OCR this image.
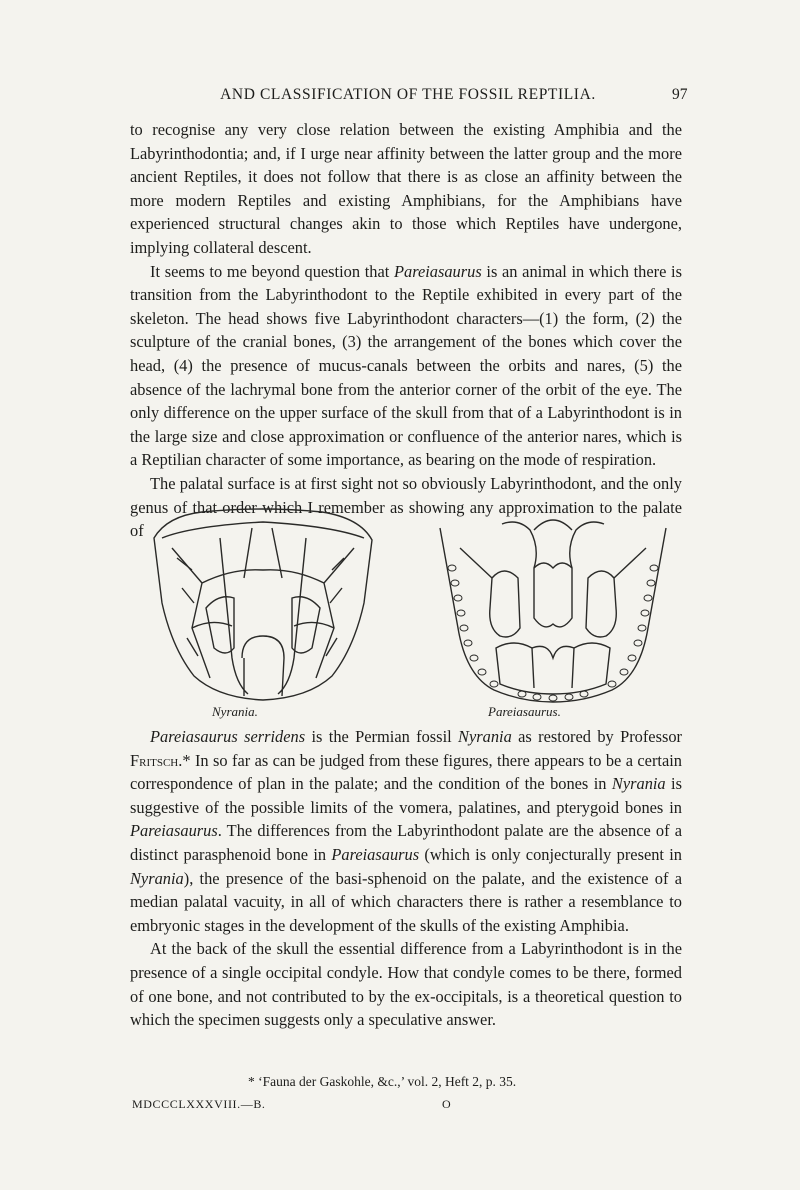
AND CLASSIFICATION OF THE FOSSIL REPTILIA.	97

to recognise any very close relation between the existing Amphibia and the Labyrinthodontia; and, if I urge near affinity between the latter group and the more ancient Reptiles, it does not follow that there is as close an affinity between the more modern Reptiles and existing Amphibians, for the Amphibians have experienced structural changes akin to those which Reptiles have undergone, implying collateral descent.

It seems to me beyond question that Pareiasaurus is an animal in which there is transition from the Labyrinthodont to the Reptile exhibited in every part of the skeleton. The head shows five Labyrinthodont characters—(1) the form, (2) the sculpture of the cranial bones, (3) the arrangement of the bones which cover the head, (4) the presence of mucus-canals between the orbits and nares, (5) the absence of the lachrymal bone from the anterior corner of the orbit of the eye. The only difference on the upper surface of the skull from that of a Labyrinthodont is in the large size and close approximation or confluence of the anterior nares, which is a Reptilian character of some importance, as bearing on the mode of respiration.

The palatal surface is at first sight not so obviously Labyrinthodont, and the only genus of that order which I remember as showing any approximation to the palate of

Nyrania.	Pareiasaurus.

Pareiasaurus serridens is the Permian fossil Nyrania as restored by Professor Fritsch.* In so far as can be judged from these figures, there appears to be a certain correspondence of plan in the palate; and the condition of the bones in Nyrania is suggestive of the possible limits of the vomera, palatines, and pterygoid bones in Pareiasaurus. The differences from the Labyrinthodont palate are the absence of a distinct parasphenoid bone in Pareiasaurus (which is only conjecturally present in Nyrania), the presence of the basi-sphenoid on the palate, and the existence of a median palatal vacuity, in all of which characters there is rather a resemblance to embryonic stages in the development of the skulls of the existing Amphibia.

At the back of the skull the essential difference from a Labyrinthodont is in the presence of a single occipital condyle. How that condyle comes to be there, formed of one bone, and not contributed to by the ex-occipitals, is a theoretical question to which the specimen suggests only a speculative answer.

* ‘Fauna der Gaskohle, &c.,’ vol. 2, Heft 2, p. 35.
MDCCCLXXXVIII.—B.	O
